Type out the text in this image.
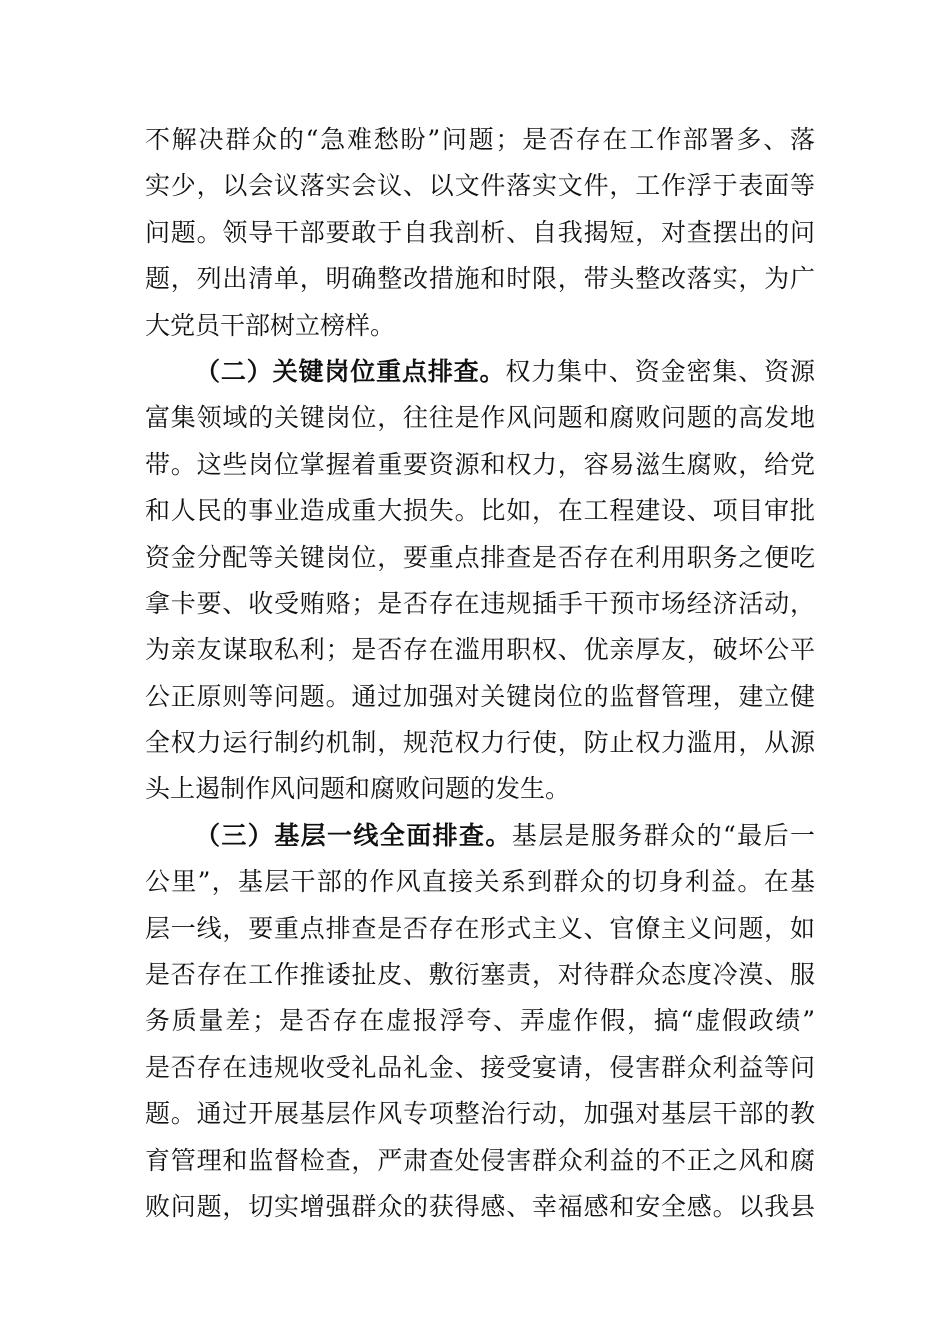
不解决群众的“急难愁盼”问题；是否存在工作部署多、落
实少，以会议落实会议、以文件落实文件，工作浮于表面等
问题。领导干部要敢于自我剖析、自我揭短，对查摆出的问
题，列出清单，明确整改措施和时限，带头整改落实，为广
大党员干部树立榜样。
（二）关键岗位重点排查。权力集中、资金密集、资源
富集领域的关键岗位，往往是作风问题和腐败问题的高发地
带。这些岗位掌握着重要资源和权力，容易滋生腐败，给党
和人民的事业造成重大损失。比如，在工程建设、项目审批
资金分配等关键岗位，要重点排查是否存在利用职务之便吃
拿卡要、收受贿赂；是否存在违规插手干预市场经济活动，
为亲友谋取私利；是否存在滥用职权、优亲厚友，破坏公平
公正原则等问题。通过加强对关键岗位的监督管理，建立健
全权力运行制约机制，规范权力行使，防止权力滥用，从源
头上遏制作风问题和腐败问题的发生。
（三）基层一线全面排查。基层是服务群众的“最后一
公里”，基层干部的作风直接关系到群众的切身利益。在基
层一线，要重点排查是否存在形式主义、官僚主义问题，如
是否存在工作推诿扯皮、敷衍塞责，对待群众态度冷漠、服
务质量差；是否存在虚报浮夸、弄虚作假，搞“虚假政绩”
是否存在违规收受礼品礼金、接受宴请，侵害群众利益等问
题。通过开展基层作风专项整治行动，加强对基层干部的教
育管理和监督检查，严肃查处侵害群众利益的不正之风和腐
败问题，切实增强群众的获得感、幸福感和安全感。以我县
